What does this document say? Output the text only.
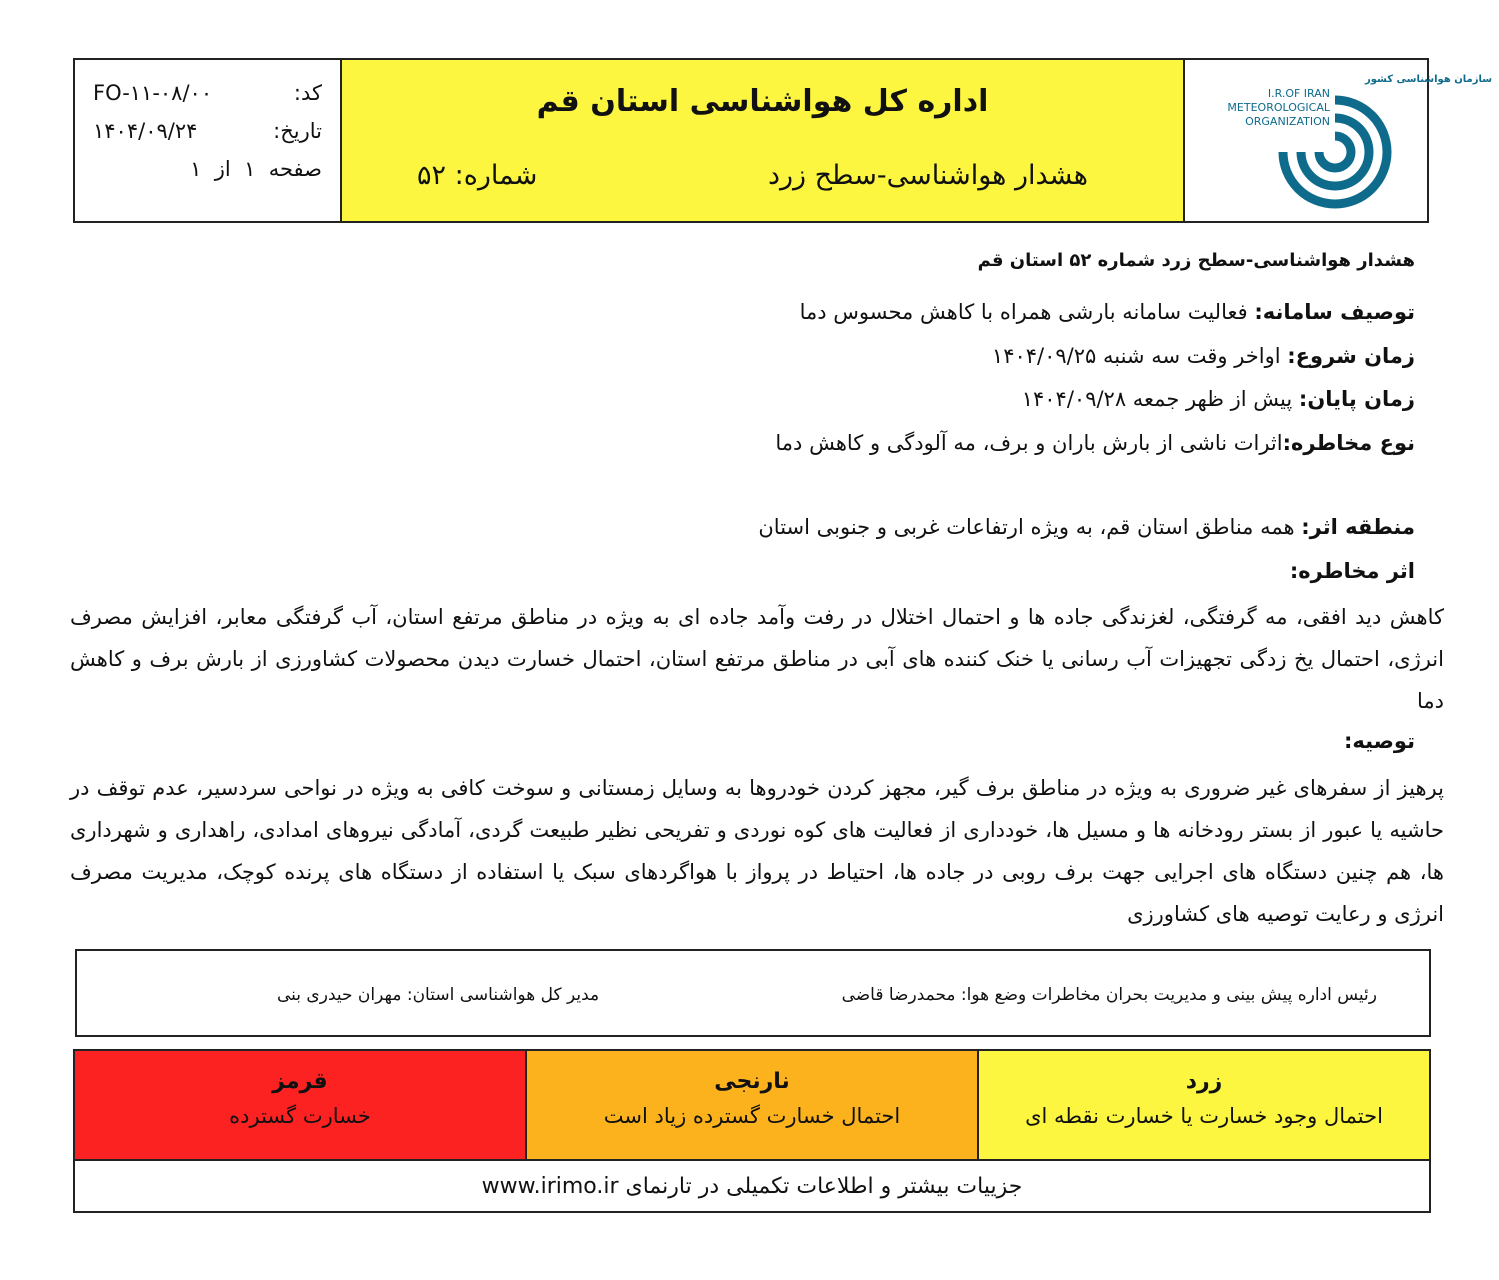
FO-۱۱-۰۸/۰۰	کد:
۱۴۰۴/۰۹/۲۴	تاریخ:
صفحه  ۱  از  ۱
اداره کل هواشناسی استان قم
هشدار هواشناسی-سطح زرد
شماره: ۵۲
سازمان هواشناسی کشور
I.R.OF IRAN
METEOROLOGICAL
ORGANIZATION
هشدار هواشناسی-سطح زرد شماره ۵۲ استان قم
توصیف سامانه: فعالیت سامانه بارشی همراه با کاهش محسوس دما
زمان شروع: اواخر وقت سه شنبه ۱۴۰۴/۰۹/۲۵
زمان پایان: پیش از ظهر جمعه ۱۴۰۴/۰۹/۲۸
نوع مخاطره:اثرات ناشی از بارش باران و برف، مه آلودگی و کاهش دما
منطقه اثر: همه مناطق استان قم، به ویژه ارتفاعات غربی و جنوبی استان
اثر مخاطره:
کاهش دید افقی، مه گرفتگی، لغزندگی جاده ها و احتمال اختلال در رفت وآمد جاده ای به ویژه در مناطق مرتفع استان، آب گرفتگی معابر، افزایش مصرف انرژی، احتمال یخ زدگی تجهیزات آب رسانی یا خنک کننده های آبی در مناطق مرتفع استان، احتمال خسارت دیدن محصولات کشاورزی از بارش برف و کاهش دما
توصیه:
پرهیز از سفرهای غیر ضروری به ویژه در مناطق برف گیر، مجهز کردن خودروها به وسایل زمستانی و سوخت کافی به ویژه در نواحی سردسیر، عدم توقف در حاشیه یا عبور از بستر رودخانه ها و مسیل ها، خودداری از فعالیت های کوه نوردی و تفریحی نظیر طبیعت گردی، آمادگی نیروهای امدادی، راهداری و شهرداری ها، هم چنین دستگاه های اجرایی جهت برف روبی در جاده ها، احتیاط در پرواز با هواگردهای سبک یا استفاده از دستگاه های پرنده کوچک، مدیریت مصرف انرژی و رعایت توصیه های کشاورزی
رئیس اداره پیش بینی و مدیریت بحران مخاطرات وضع هوا: محمدرضا قاضی
مدیر کل هواشناسی استان: مهران حیدری بنی
قرمز
خسارت گسترده
نارنجی
احتمال خسارت گسترده زیاد است
زرد
احتمال وجود خسارت یا خسارت نقطه ای
جزییات بیشتر و اطلاعات تکمیلی در تارنمای www.irimo.ir
